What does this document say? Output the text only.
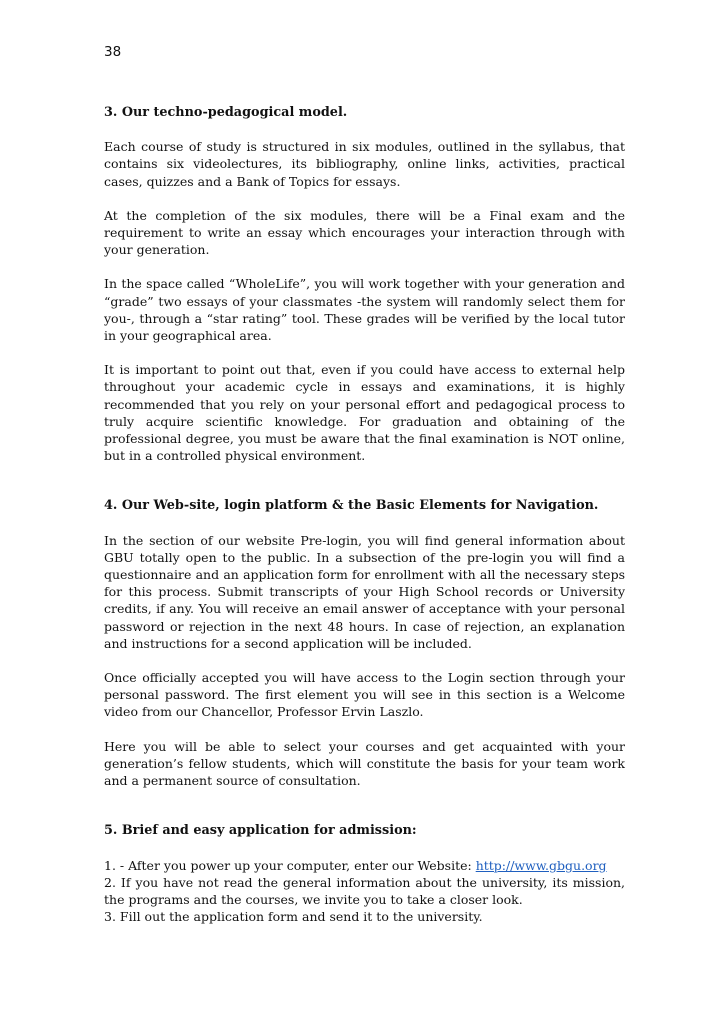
38
3. Our techno-pedagogical model.

Each course of study is structured in six modules, outlined in the syllabus, that contains six videolectures, its bibliography, online links, activities, practical cases, quizzes and a Bank of Topics for essays.

At the completion of the six modules, there will be a Final exam and the requirement to write an essay which encourages your interaction through with your generation.

In the space called “WholeLife”, you will work together with your generation and “grade” two essays of your classmates -the system will randomly select them for you-, through a “star rating” tool. These grades will be verified by the local tutor in your geographical area.

It is important to point out that, even if you could have access to external help throughout your academic cycle in essays and examinations, it is highly recommended that you rely on your personal effort and pedagogical process to truly acquire scientific knowledge. For graduation and obtaining of the professional degree, you must be aware that the final examination is NOT online, but in a controlled physical environment.

4. Our Web-site, login platform & the Basic Elements for Navigation.

In the section of our website Pre-login, you will find general information about GBU totally open to the public. In a subsection of the pre-login you will find a questionnaire and an application form for enrollment with all the necessary steps for this process. Submit transcripts of your High School records or University credits, if any. You will receive an email answer of acceptance with your personal password or rejection in the next 48 hours. In case of rejection, an explanation and instructions for a second application will be included.

Once officially accepted you will have access to the Login section through your personal password. The first element you will see in this section is a Welcome video from our Chancellor, Professor Ervin Laszlo.

Here you will be able to select your courses and get acquainted with your generation’s fellow students, which will constitute the basis for your team work and a permanent source of consultation.

5. Brief and easy application for admission:

1. - After you power up your computer, enter our Website: http://www.gbgu.org

2. If you have not read the general information about the university, its mission, the programs and the courses, we invite you to take a closer look.

3. Fill out the application form and send it to the university.
